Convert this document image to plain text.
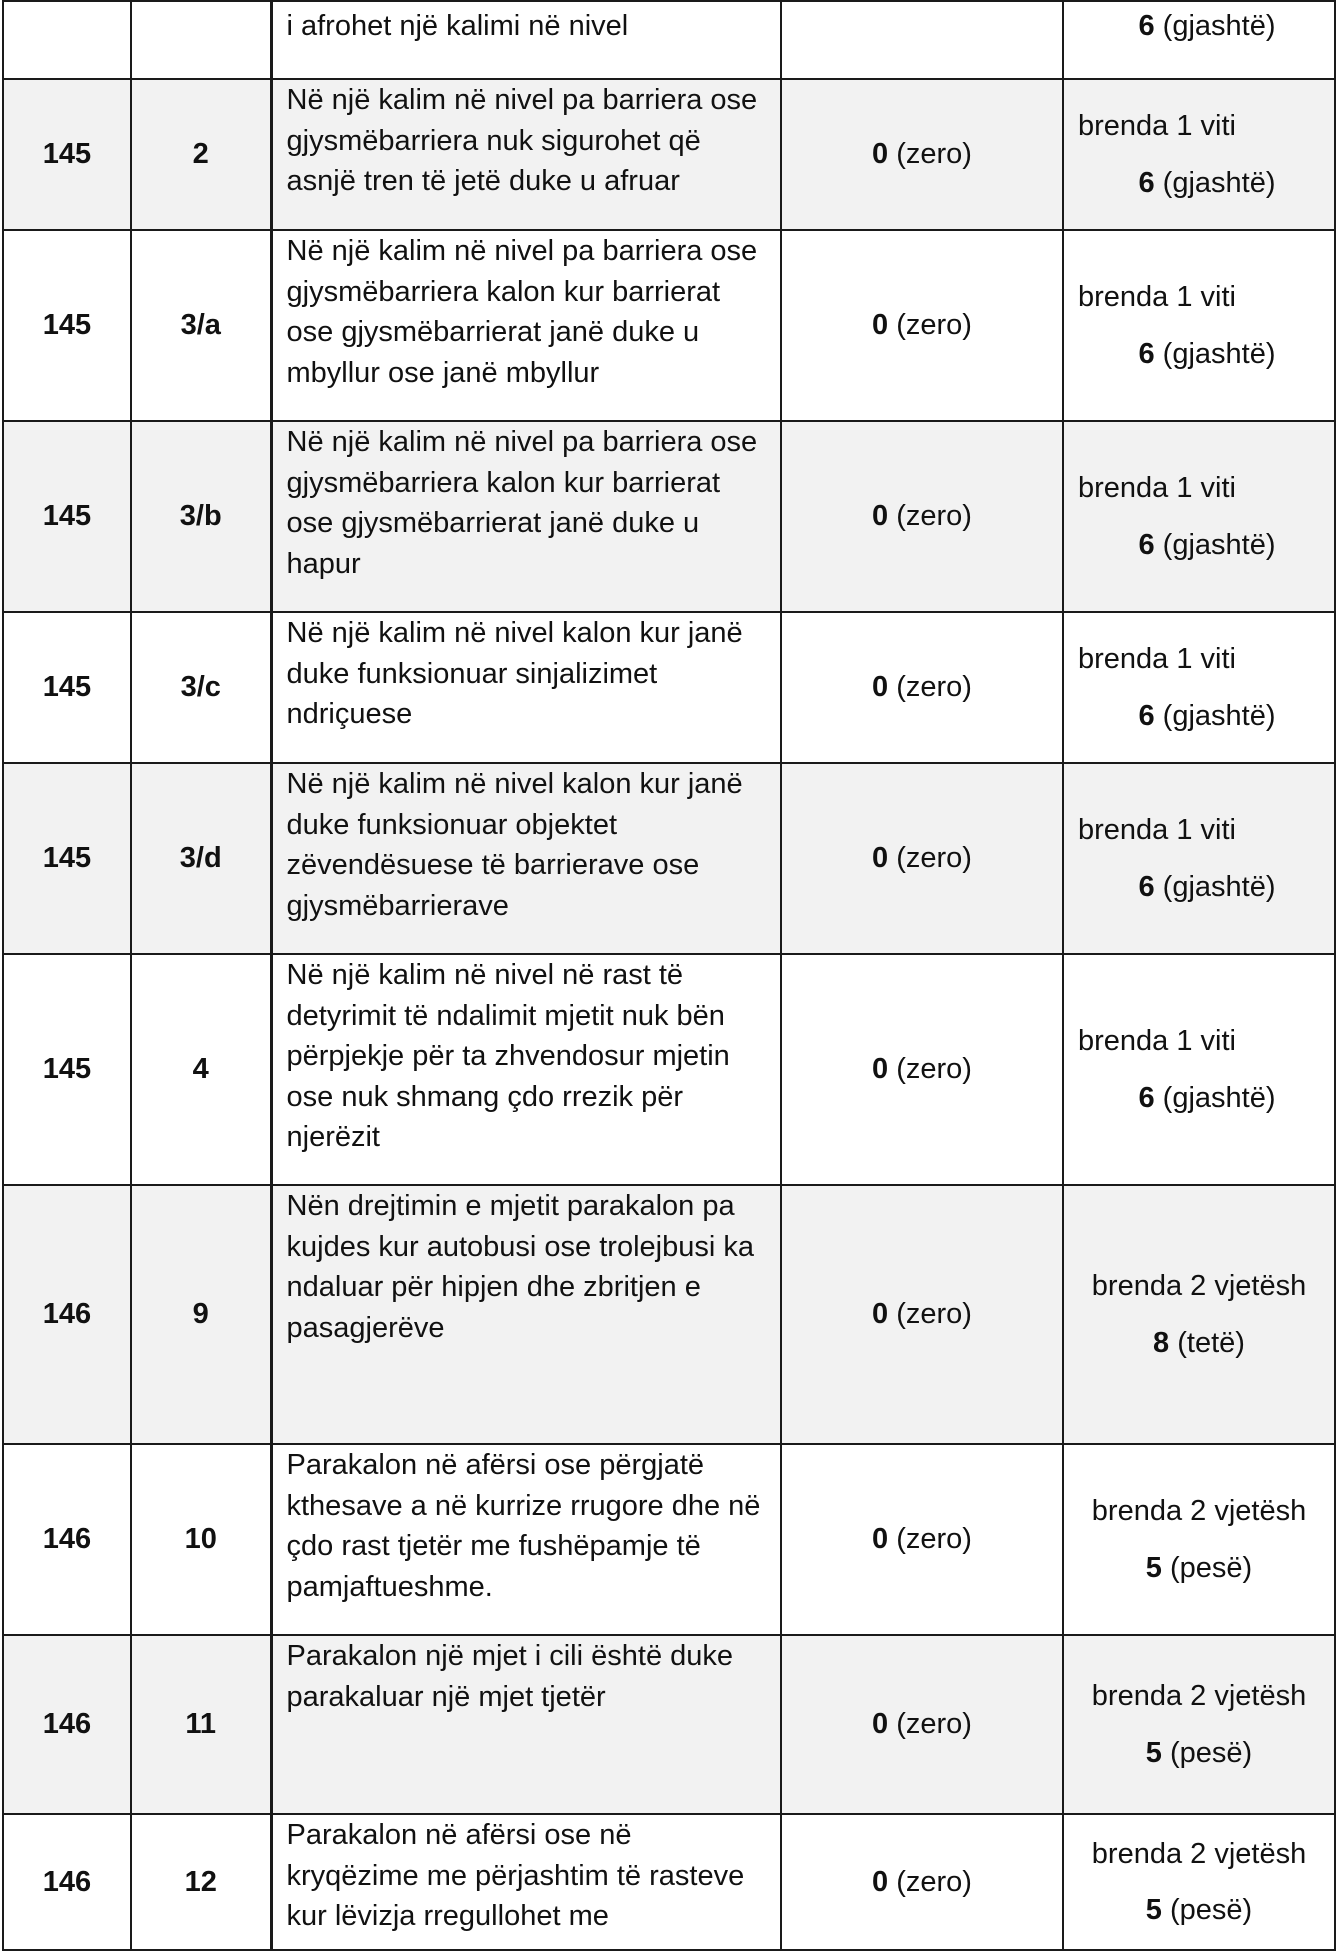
		i afrohet një kalimi në nivel		6 (gjashtë)

145	2	Në një kalim në nivel pa barriera ose gjysmëbarriera nuk sigurohet që asnjë tren të jetë duke u afruar	0 (zero)	brenda 1 viti
6 (gjashtë)

145	3/a	Në një kalim në nivel pa barriera ose gjysmëbarriera kalon kur barrierat ose gjysmëbarrierat janë duke u mbyllur ose janë mbyllur	0 (zero)	brenda 1 viti
6 (gjashtë)

145	3/b	Në një kalim në nivel pa barriera ose gjysmëbarriera kalon kur barrierat ose gjysmëbarrierat janë duke u hapur	0 (zero)	brenda 1 viti
6 (gjashtë)

145	3/c	Në një kalim në nivel kalon kur janë duke funksionuar sinjalizimet ndriçuese	0 (zero)	brenda 1 viti
6 (gjashtë)

145	3/d	Në një kalim në nivel kalon kur janë duke funksionuar objektet zëvendësuese të barrierave ose gjysmëbarrierave	0 (zero)	brenda 1 viti
6 (gjashtë)

145	4	Në një kalim në nivel në rast të detyrimit të ndalimit mjetit nuk bën përpjekje për ta zhvendosur mjetin ose nuk shmang çdo rrezik për njerëzit	0 (zero)	brenda 1 viti
6 (gjashtë)

146	9	Nën drejtimin e mjetit parakalon pa kujdes kur autobusi ose trolejbusi ka ndaluar për hipjen dhe zbritjen e pasagjerëve	0 (zero)	brenda 2 vjetësh
8 (tetë)

146	10	Parakalon në afërsi ose përgjatë kthesave a në kurrize rrugore dhe në çdo rast tjetër me fushëpamje të pamjaftueshme.	0 (zero)	brenda 2 vjetësh
5 (pesë)

146	11	Parakalon një mjet i cili është duke parakaluar një mjet tjetër	0 (zero)	brenda 2 vjetësh
5 (pesë)

146	12	Parakalon në afërsi ose në kryqëzime me përjashtim të rasteve kur lëvizja rregullohet me	0 (zero)	brenda 2 vjetësh
5 (pesë)
